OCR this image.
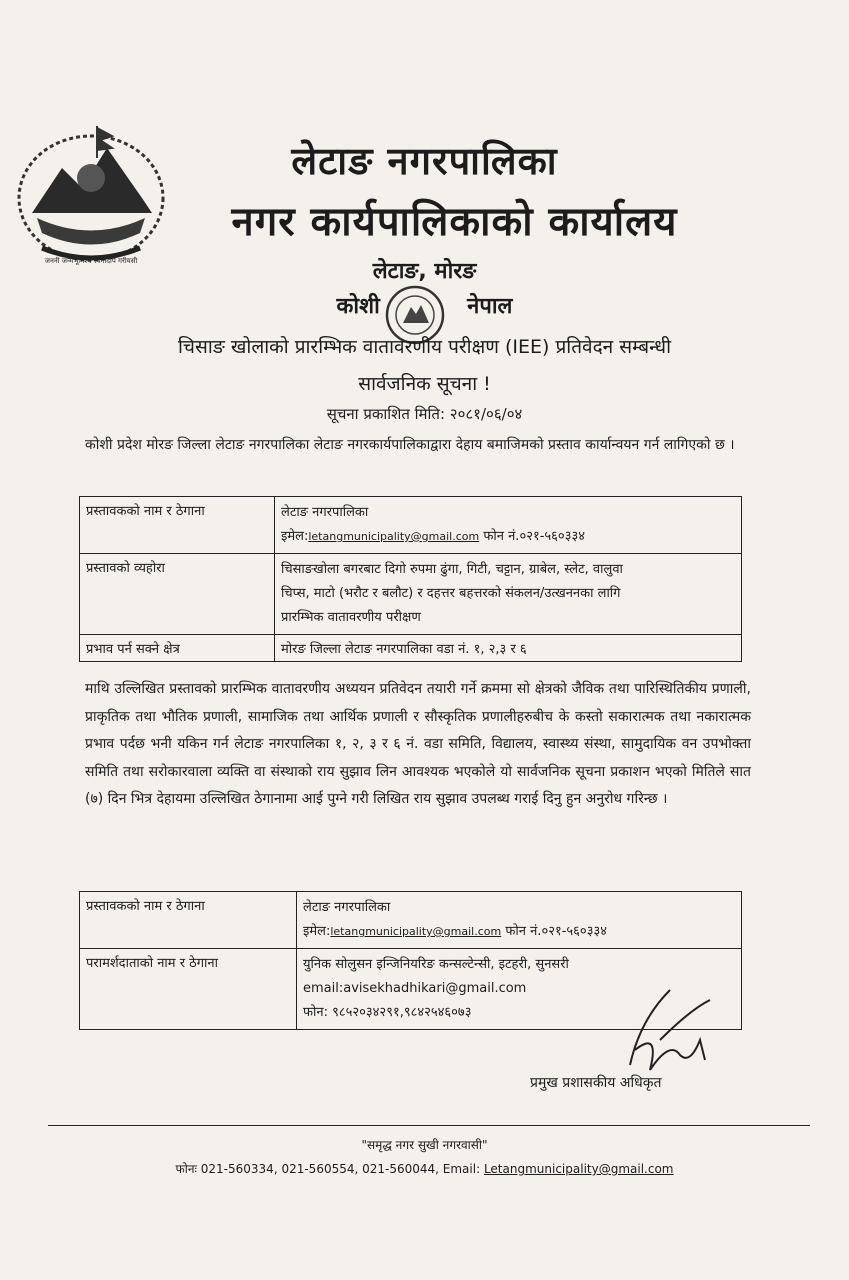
जननी जन्मभूमिश्च स्वर्गादपि गरीयसी
लेटाङ नगरपालिका
नगर कार्यपालिकाको कार्यालय
लेटाङ, मोरङ
कोशी	नेपाल
चिसाङ खोलाको प्रारम्भिक वातावरणीय परीक्षण (IEE) प्रतिवेदन सम्बन्धी
सार्वजनिक सूचना !
सूचना प्रकाशित मिति: २०८१/०६/०४
कोशी प्रदेश मोरङ जिल्ला लेटाङ नगरपालिका लेटाङ नगरकार्यपालिकाद्वारा देहाय बमाजिमको प्रस्ताव कार्यान्वयन गर्न लागिएको छ ।
प्रस्तावकको नाम र ठेगाना	लेटाङ नगरपालिका
इमेल:letangmunicipality@gmail.com फोन नं.०२१-५६०३३४

प्रस्तावको व्यहोरा	चिसाङखोला बगरबाट दिगो रुपमा ढुंगा, गिटी, चट्टान, ग्राबेल, स्लेट, वालुवा
चिप्स, माटो (भरौट र बलौट) र दहत्तर बहत्तरको संकलन/उत्खननका लागि
प्रारम्भिक वातावरणीय परीक्षण

प्रभाव पर्न सक्ने क्षेत्र	मोरङ जिल्ला लेटाङ नगरपालिका वडा नं. १, २,३ र ६
माथि उल्लिखित प्रस्तावको प्रारम्भिक वातावरणीय अध्ययन प्रतिवेदन तयारी गर्ने क्रममा सो क्षेत्रको जैविक तथा पारिस्थितिकीय प्रणाली, प्राकृतिक तथा भौतिक प्रणाली, सामाजिक तथा आर्थिक प्रणाली र सौस्कृतिक प्रणालीहरुबीच के कस्तो सकारात्मक तथा नकारात्मक प्रभाव पर्दछ भनी यकिन गर्न लेटाङ नगरपालिका १, २, ३ र ६ नं. वडा समिति, विद्यालय, स्वास्थ्य संस्था, सामुदायिक वन उपभोक्ता समिति तथा सरोकारवाला व्यक्ति वा संस्थाको राय सुझाव लिन आवश्यक भएकोले यो सार्वजनिक सूचना प्रकाशन भएको मितिले सात (७) दिन भित्र देहायमा उल्लिखित ठेगानामा आई पुग्ने गरी लिखित राय सुझाव उपलब्ध गराई दिनु हुन अनुरोध गरिन्छ ।
प्रस्तावकको नाम र ठेगाना	लेटाङ नगरपालिका
इमेल:letangmunicipality@gmail.com फोन नं.०२१-५६०३३४

परामर्शदाताको नाम र ठेगाना	युनिक सोलुसन इन्जिनियरिङ कन्सल्टेन्सी, इटहरी, सुनसरी
email:avisekhadhikari@gmail.com
फोन: ९८५२०३४२९१,९८४२५४६०७३
प्रमुख प्रशासकीय अधिकृत
"समृद्ध नगर सुखी नगरवासी"
फोनः 021-560334, 021-560554, 021-560044, Email: Letangmunicipality@gmail.com
